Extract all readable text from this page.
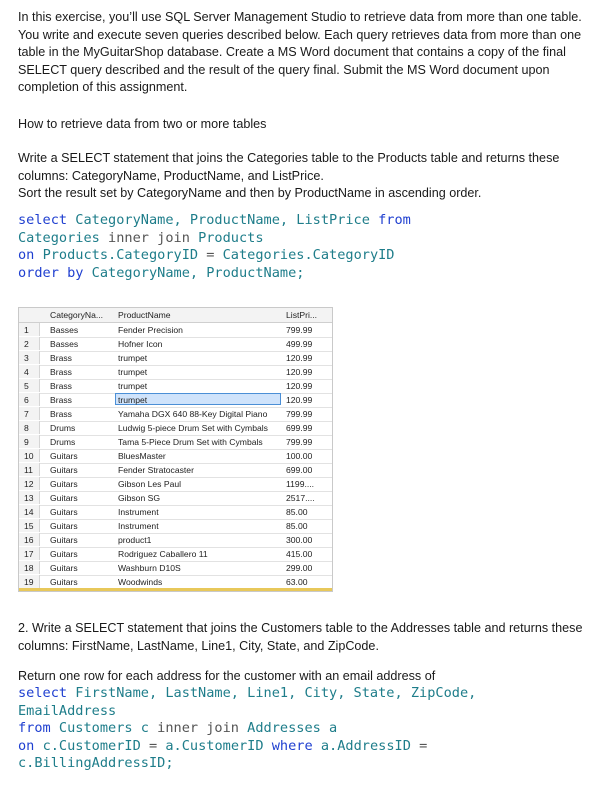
In this exercise, you’ll use SQL Server Management Studio to retrieve data from more than one table.
You write and execute seven queries described below. Each query retrieves data from more than one
table in the MyGuitarShop database. Create a MS Word document that contains a copy of the final
SELECT query described and the result of the query final. Submit the MS Word document upon
completion of this assignment.
How to retrieve data from two or more tables
Write a SELECT statement that joins the Categories table to the Products table and returns these
columns: CategoryName, ProductName, and ListPrice.
Sort the result set by CategoryName and then by ProductName in ascending order.
select CategoryName, ProductName, ListPrice from
Categories inner join Products
on Products.CategoryID = Categories.CategoryID
order by CategoryName, ProductName;
CategoryNa... ProductName	ListPri...
1	Basses	Fender Precision	799.99
2	Basses	Hofner Icon	499.99
3	Brass	trumpet	120.99
4	Brass	trumpet	120.99
5	Brass	trumpet	120.99
6	Brass	trumpet	120.99
7	Brass	Yamaha DGX 640 88-Key Digital Piano	799.99
8	Drums	Ludwig 5-piece Drum Set with Cymbals	699.99
9	Drums	Tama 5-Piece Drum Set with Cymbals	799.99
10	Guitars	BluesMaster	100.00
11	Guitars	Fender Stratocaster	699.00
12	Guitars	Gibson Les Paul	1199....
13	Guitars	Gibson SG	2517....
14	Guitars	Instrument	85.00
15	Guitars	Instrument	85.00
16	Guitars	product1	300.00
17	Guitars	Rodriguez Caballero 11	415.00
18	Guitars	Washburn D10S	299.00
19	Guitars	Woodwinds	63.00
2. Write a SELECT statement that joins the Customers table to the Addresses table and returns these
columns: FirstName, LastName, Line1, City, State, and ZipCode.
Return one row for each address for the customer with an email address of
select FirstName, LastName, Line1, City, State, ZipCode,
EmailAddress
from Customers c inner join Addresses a
on c.CustomerID = a.CustomerID where a.AddressID =
c.BillingAddressID;
